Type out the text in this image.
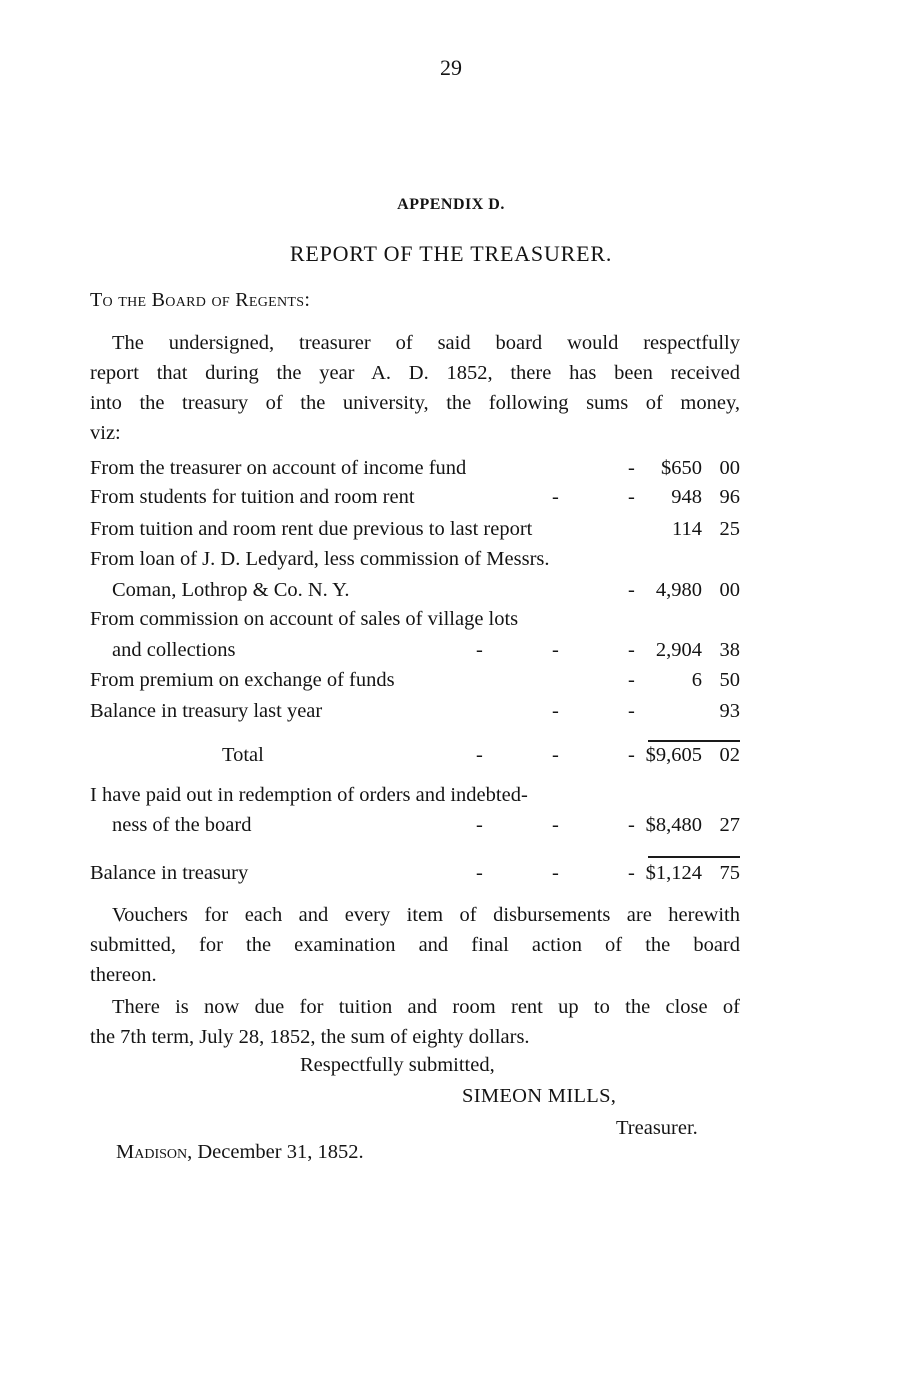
29
APPENDIX D.
REPORT OF THE TREASURER.
To the Board of Regents:
The undersigned, treasurer of said board would respectfully
report that during the year A. D. 1852, there has been received
into the treasury of the university, the following sums of money,
viz:
From the treasurer on account of income fund	- $650 00
From students for tuition and room rent	-	- 948 96
From tuition and room rent due previous to last report	114 25
From loan of J. D. Ledyard, less commission of Messrs.
Coman, Lothrop & Co. N. Y.	- 4,980 00
From commission on account of sales of village lots
and collections	-	-	- 2,904 38
From premium on exchange of funds	-	6 50
Balance in treasury last year	-	-	93
Total	-	-	- $9,605 02
I have paid out in redemption of orders and indebted-
ness of the board	-	-	- $8,480 27
Balance in treasury	-	-	- $1,124 75
Vouchers for each and every item of disbursements are herewith
submitted, for the examination and final action of the board
thereon.
There is now due for tuition and room rent up to the close of
the 7th term, July 28, 1852, the sum of eighty dollars.
Respectfully submitted,
SIMEON MILLS,
Treasurer.
Madison, December 31, 1852.
